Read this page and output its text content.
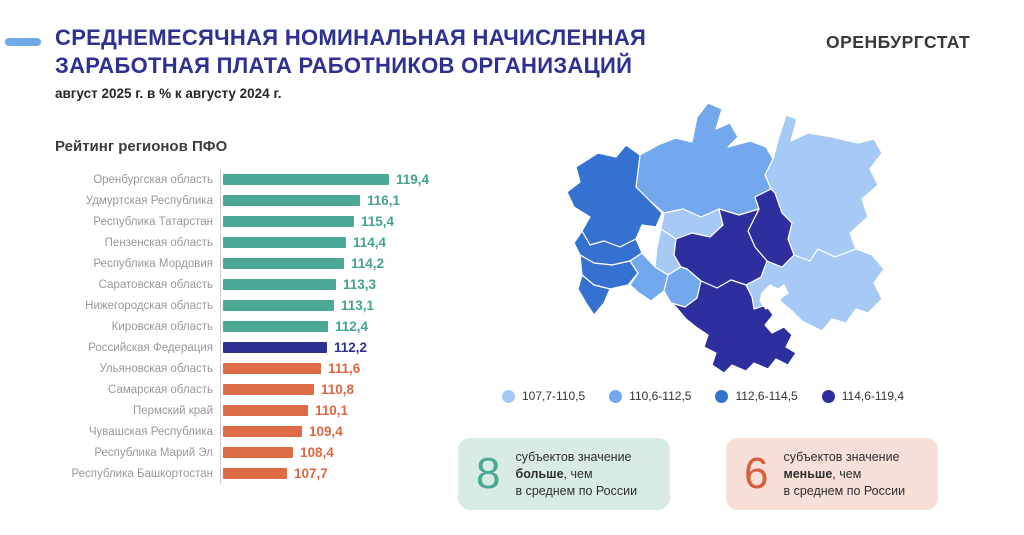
СРЕДНЕМЕСЯЧНАЯ НОМИНАЛЬНАЯ НАЧИСЛЕННАЯ
ЗАРАБОТНАЯ ПЛАТА РАБОТНИКОВ ОРГАНИЗАЦИЙ
август 2025 г. в % к августу 2024 г.
ОРЕНБУРГСТАТ
Рейтинг регионов ПФО
Оренбургская область	119,4
Удмуртская Республика	116,1
Республика Татарстан	115,4
Пензенская область	114,4
Республика Мордовия	114,2
Саратовская область	113,3
Нижегородская область	113,1
Кировская область	112,4
Российская Федерация	112,2
Ульяновская область	111,6
Самарская область	110,8
Пермский край	110,1
Чувашская Республика	109,4
Республика Марий Эл	108,4
Республика Башкортостан	107,7
107,7-110,5	110,6-112,5	112,6-114,5	114,6-119,4
8 субъектов значение
больше, чем
в среднем по России 6 субъектов значение
меньше, чем
в среднем по России
